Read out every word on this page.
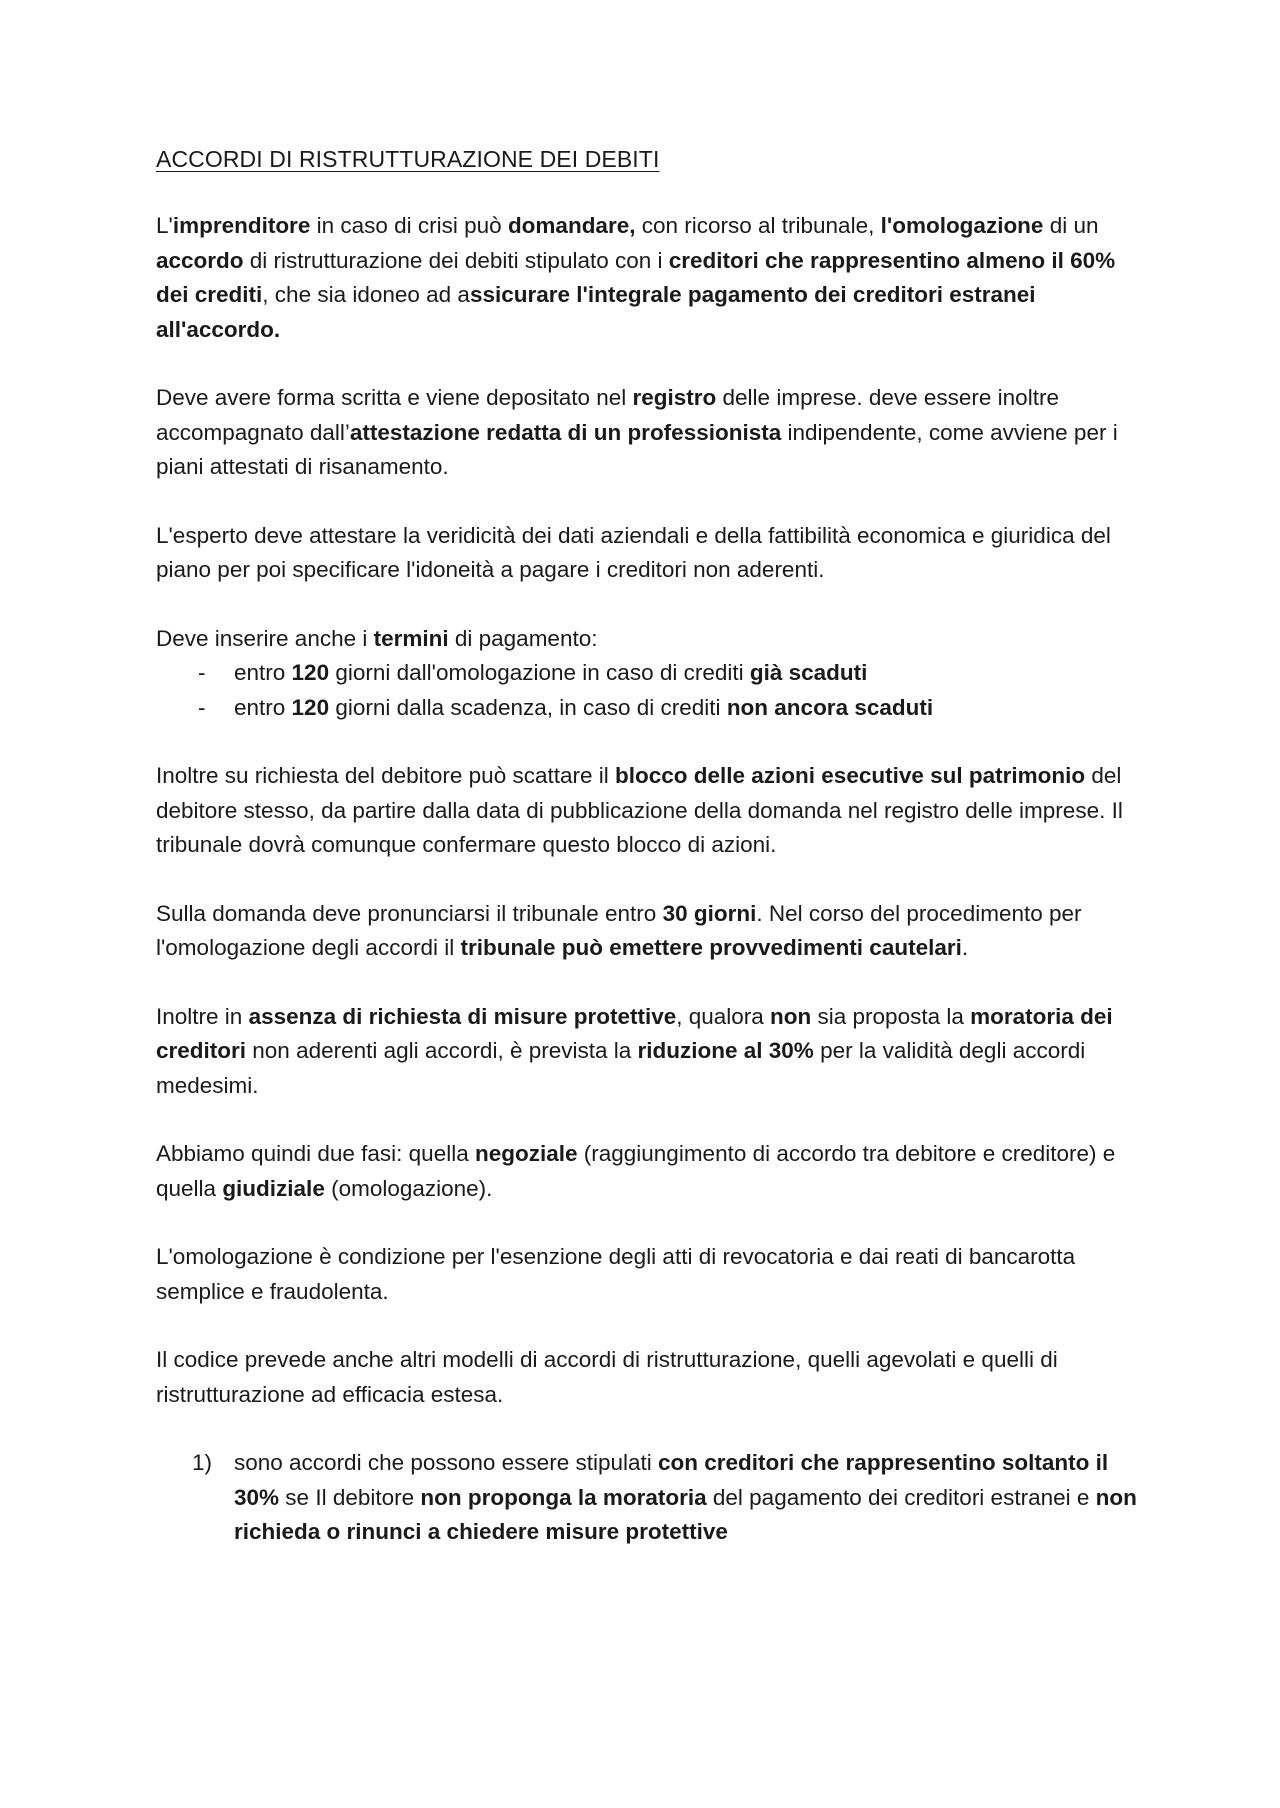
ACCORDI DI RISTRUTTURAZIONE DEI DEBITI

L'imprenditore in caso di crisi può domandare, con ricorso al tribunale, l'omologazione di un accordo di ristrutturazione dei debiti stipulato con i creditori che rappresentino almeno il 60% dei crediti, che sia idoneo ad assicurare l'integrale pagamento dei creditori estranei all'accordo.

Deve avere forma scritta e viene depositato nel registro delle imprese. deve essere inoltre accompagnato dall’attestazione redatta di un professionista indipendente, come avviene per i piani attestati di risanamento.

L'esperto deve attestare la veridicità dei dati aziendali e della fattibilità economica e giuridica del piano per poi specificare l'idoneità a pagare i creditori non aderenti.

Deve inserire anche i termini di pagamento:

- entro 120 giorni dall'omologazione in caso di crediti già scaduti
- entro 120 giorni dalla scadenza, in caso di crediti non ancora scaduti

Inoltre su richiesta del debitore può scattare il blocco delle azioni esecutive sul patrimonio del debitore stesso, da partire dalla data di pubblicazione della domanda nel registro delle imprese. Il tribunale dovrà comunque confermare questo blocco di azioni.

Sulla domanda deve pronunciarsi il tribunale entro 30 giorni. Nel corso del procedimento per l'omologazione degli accordi il tribunale può emettere provvedimenti cautelari.

Inoltre in assenza di richiesta di misure protettive, qualora non sia proposta la moratoria dei creditori non aderenti agli accordi, è prevista la riduzione al 30% per la validità degli accordi medesimi.

Abbiamo quindi due fasi: quella negoziale (raggiungimento di accordo tra debitore e creditore) e quella giudiziale (omologazione).

L'omologazione è condizione per l'esenzione degli atti di revocatoria e dai reati di bancarotta semplice e fraudolenta.

Il codice prevede anche altri modelli di accordi di ristrutturazione, quelli agevolati e quelli di ristrutturazione ad efficacia estesa.

1) sono accordi che possono essere stipulati con creditori che rappresentino soltanto il 30% se Il debitore non proponga la moratoria del pagamento dei creditori estranei e non richieda o rinunci a chiedere misure protettive
